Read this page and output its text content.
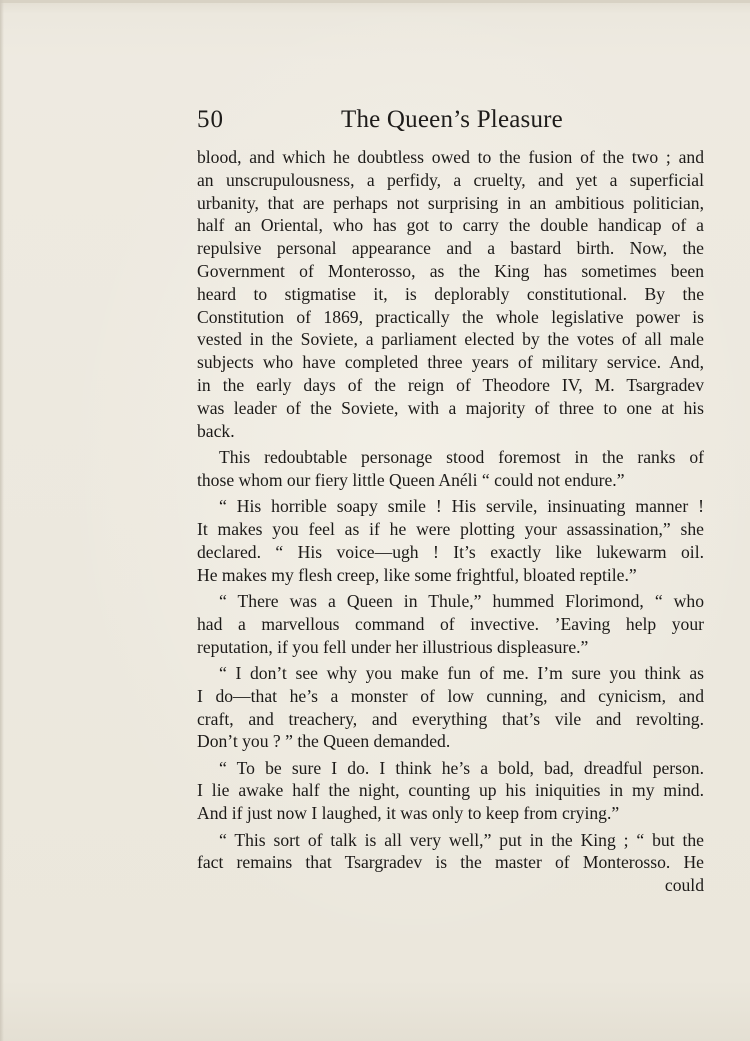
50	The Queen’s Pleasure
blood, and which he doubtless owed to the fusion of the two ; and
an unscrupulousness, a perfidy, a cruelty, and yet a superficial
urbanity, that are perhaps not surprising in an ambitious politician,
half an Oriental, who has got to carry the double handicap of a
repulsive personal appearance and a bastard birth. Now, the
Government of Monterosso, as the King has sometimes been
heard to stigmatise it, is deplorably constitutional. By the
Constitution of 1869, practically the whole legislative power is
vested in the Soviete, a parliament elected by the votes of all male
subjects who have completed three years of military service. And,
in the early days of the reign of Theodore IV, M. Tsargradev
was leader of the Soviete, with a majority of three to one at his
back.
This redoubtable personage stood foremost in the ranks of
those whom our fiery little Queen Anéli “ could not endure.”
“ His horrible soapy smile ! His servile, insinuating manner !
It makes you feel as if he were plotting your assassination,” she
declared. “ His voice—ugh ! It’s exactly like lukewarm oil.
He makes my flesh creep, like some frightful, bloated reptile.”
“ There was a Queen in Thule,” hummed Florimond, “ who
had a marvellous command of invective. ’Eaving help your
reputation, if you fell under her illustrious displeasure.”
“ I don’t see why you make fun of me. I’m sure you think as
I do—that he’s a monster of low cunning, and cynicism, and
craft, and treachery, and everything that’s vile and revolting.
Don’t you ? ” the Queen demanded.
“ To be sure I do. I think he’s a bold, bad, dreadful person.
I lie awake half the night, counting up his iniquities in my mind.
And if just now I laughed, it was only to keep from crying.”
“ This sort of talk is all very well,” put in the King ; “ but the
fact remains that Tsargradev is the master of Monterosso. He
could
